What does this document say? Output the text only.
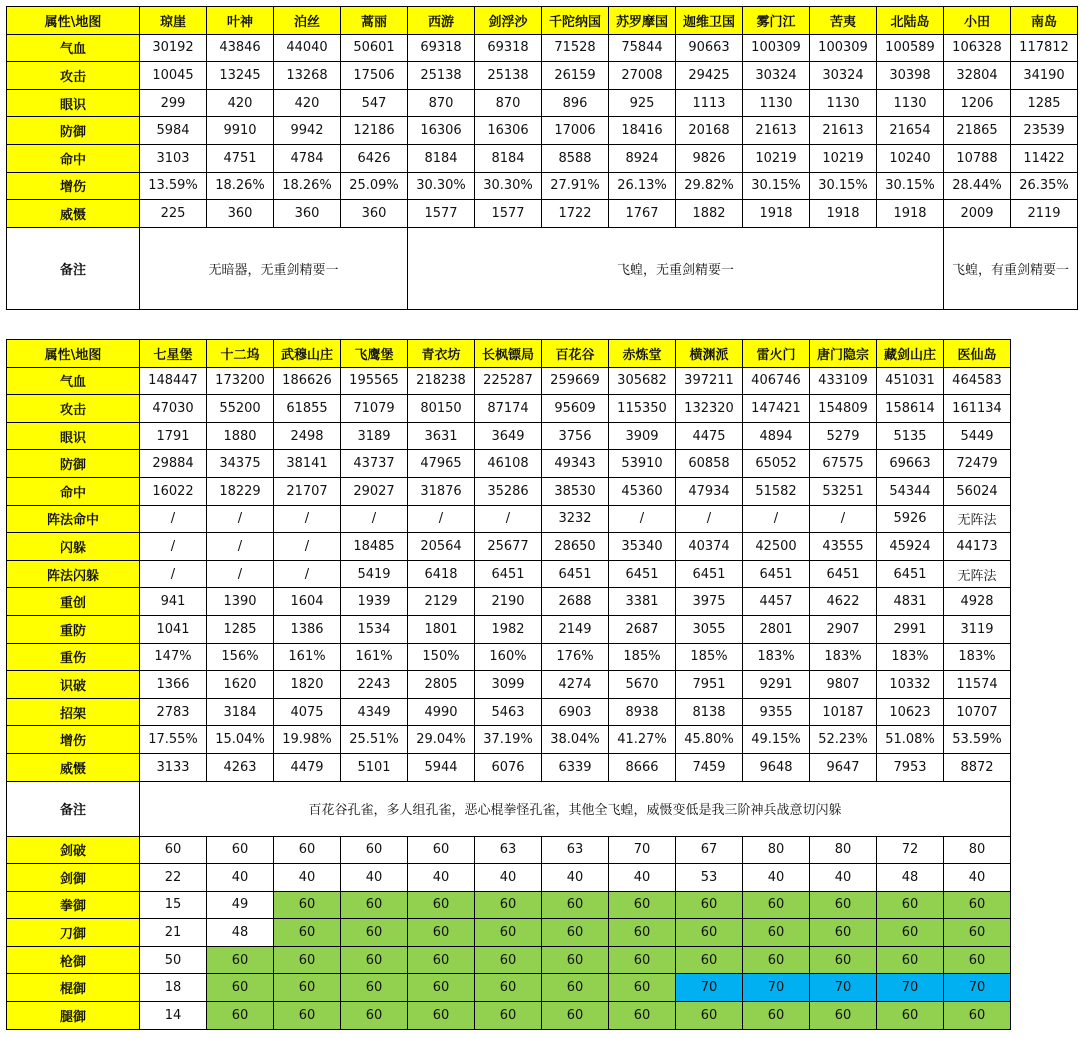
属性\地图	琼崖	叶神	泊丝	蒿丽	西游	剑浮沙	千陀纳国	苏罗摩国	迦维卫国	雾门江	苦夷	北陆岛	小田	南岛
气血	30192	43846	44040	50601	69318	69318	71528	75844	90663	100309	100309	100589	106328	117812
攻击	10045	13245	13268	17506	25138	25138	26159	27008	29425	30324	30324	30398	32804	34190
眼识	299	420	420	547	870	870	896	925	1113	1130	1130	1130	1206	1285
防御	5984	9910	9942	12186	16306	16306	17006	18416	20168	21613	21613	21654	21865	23539
命中	3103	4751	4784	6426	8184	8184	8588	8924	9826	10219	10219	10240	10788	11422
增伤	13.59%	18.26%	18.26%	25.09%	30.30%	30.30%	27.91%	26.13%	29.82%	30.15%	30.15%	30.15%	28.44%	26.35%
威慑	225	360	360	360	1577	1577	1722	1767	1882	1918	1918	1918	2009	2119
备注	无暗器，无重剑精要一				飞蝗，无重剑精要一								飞蝗，有重剑精要一	
属性\地图	七星堡	十二坞	武穆山庄	飞鹰堡	青衣坊	长枫镖局	百花谷	赤炼堂	横渊派	雷火门	唐门隐宗	藏剑山庄	医仙岛
气血	148447	173200	186626	195565	218238	225287	259669	305682	397211	406746	433109	451031	464583
攻击	47030	55200	61855	71079	80150	87174	95609	115350	132320	147421	154809	158614	161134
眼识	1791	1880	2498	3189	3631	3649	3756	3909	4475	4894	5279	5135	5449
防御	29884	34375	38141	43737	47965	46108	49343	53910	60858	65052	67575	69663	72479
命中	16022	18229	21707	29027	31876	35286	38530	45360	47934	51582	53251	54344	56024
阵法命中	/	/	/	/	/	/	3232	/	/	/	/	5926	无阵法
闪躲	/	/	/	18485	20564	25677	28650	35340	40374	42500	43555	45924	44173
阵法闪躲	/	/	/	5419	6418	6451	6451	6451	6451	6451	6451	6451	无阵法
重创	941	1390	1604	1939	2129	2190	2688	3381	3975	4457	4622	4831	4928
重防	1041	1285	1386	1534	1801	1982	2149	2687	3055	2801	2907	2991	3119
重伤	147%	156%	161%	161%	150%	160%	176%	185%	185%	183%	183%	183%	183%
识破	1366	1620	1820	2243	2805	3099	4274	5670	7951	9291	9807	10332	11574
招架	2783	3184	4075	4349	4990	5463	6903	8938	8138	9355	10187	10623	10707
增伤	17.55%	15.04%	19.98%	25.51%	29.04%	37.19%	38.04%	41.27%	45.80%	49.15%	52.23%	51.08%	53.59%
威慑	3133	4263	4479	5101	5944	6076	6339	8666	7459	9648	9647	7953	8872
备注	百花谷孔雀，多人组孔雀，恶心棍拳怪孔雀，其他全飞蝗，威慑变低是我三阶神兵战意切闪躲												
剑破	60	60	60	60	60	63	63	70	67	80	80	72	80
剑御	22	40	40	40	40	40	40	40	53	40	40	48	40
拳御	15	49	60	60	60	60	60	60	60	60	60	60	60
刀御	21	48	60	60	60	60	60	60	60	60	60	60	60
枪御	50	60	60	60	60	60	60	60	60	60	60	60	60
棍御	18	60	60	60	60	60	60	60	70	70	70	70	70
腿御	14	60	60	60	60	60	60	60	60	60	60	60	60
